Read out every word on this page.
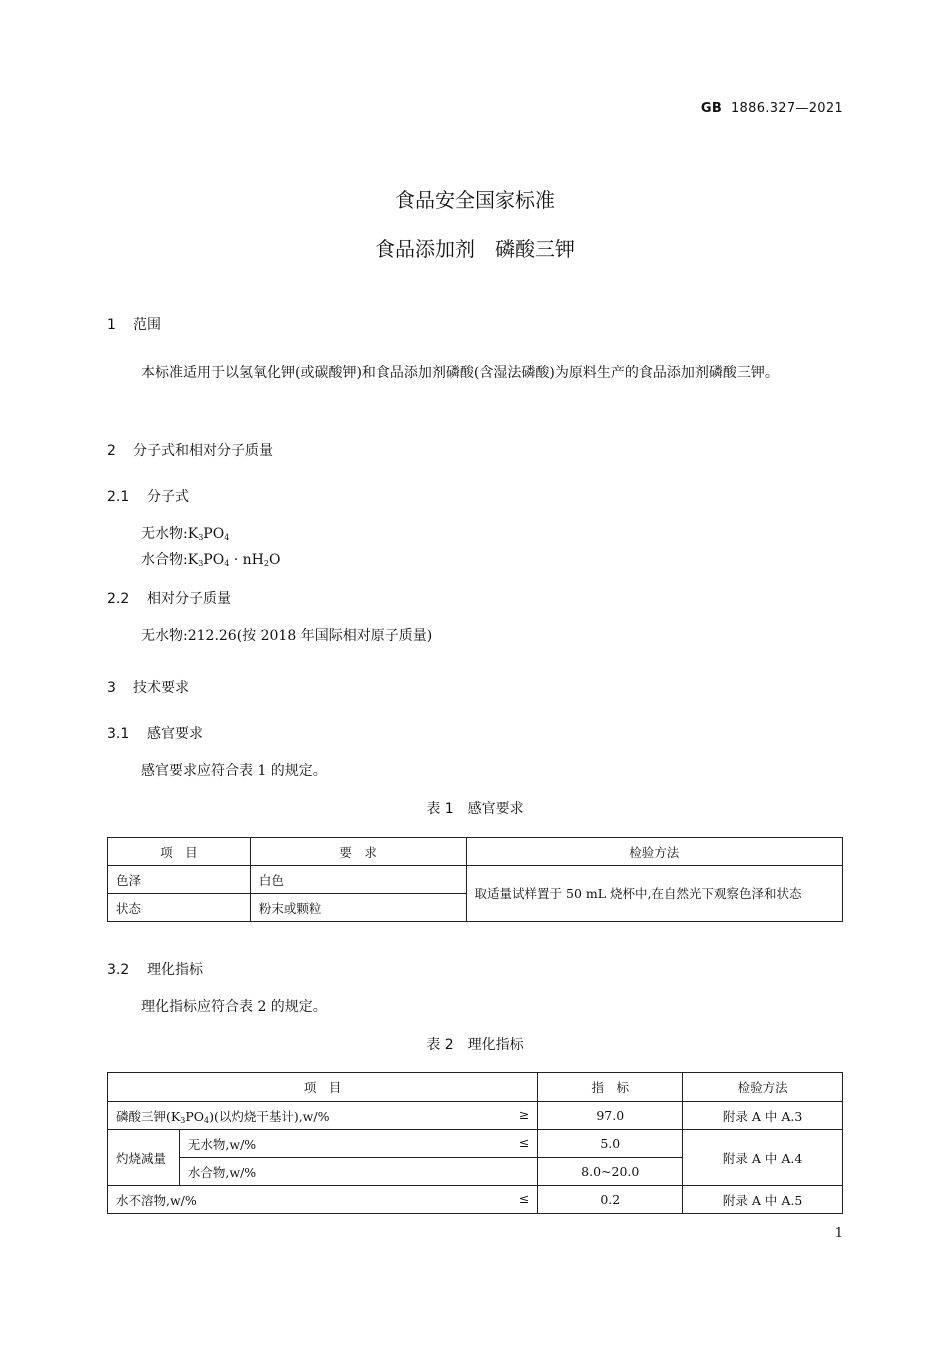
GB 1886.327—2021
食品安全国家标准
食品添加剂　磷酸三钾
1 范围
本标准适用于以氢氧化钾(或碳酸钾)和食品添加剂磷酸(含湿法磷酸)为原料生产的食品添加剂磷酸三钾。
2 分子式和相对分子质量
2.1 分子式
无水物$:K_3PO_4$
水合物$:K_3PO_4 \cdot nH_2O$
2.2 相对分子质量
无水物:212.26(按 2018 年国际相对原子质量)
3 技术要求
3.1 感官要求
感官要求应符合表 1 的规定。
表 1　感官要求
项　目	要　求	检验方法
色泽	白色	取适量试样置于 50 mL 烧杯中,在自然光下观察色泽和状态
状态	粉末或颗粒	
3.2 理化指标
理化指标应符合表 2 的规定。
表 2　理化指标
项　目		指　标	检验方法

磷酸三钾$(K_3PO_4)$(以灼烧干基计),w/% ≥		97.0	附录 A 中 A.3
灼烧减量	无水物,w/% ≤	5.0	附录 A 中 A.4
	水合物,w/%	8.0~20.0	

水不溶物,w/% ≤		0.2	附录 A 中 A.5
1
